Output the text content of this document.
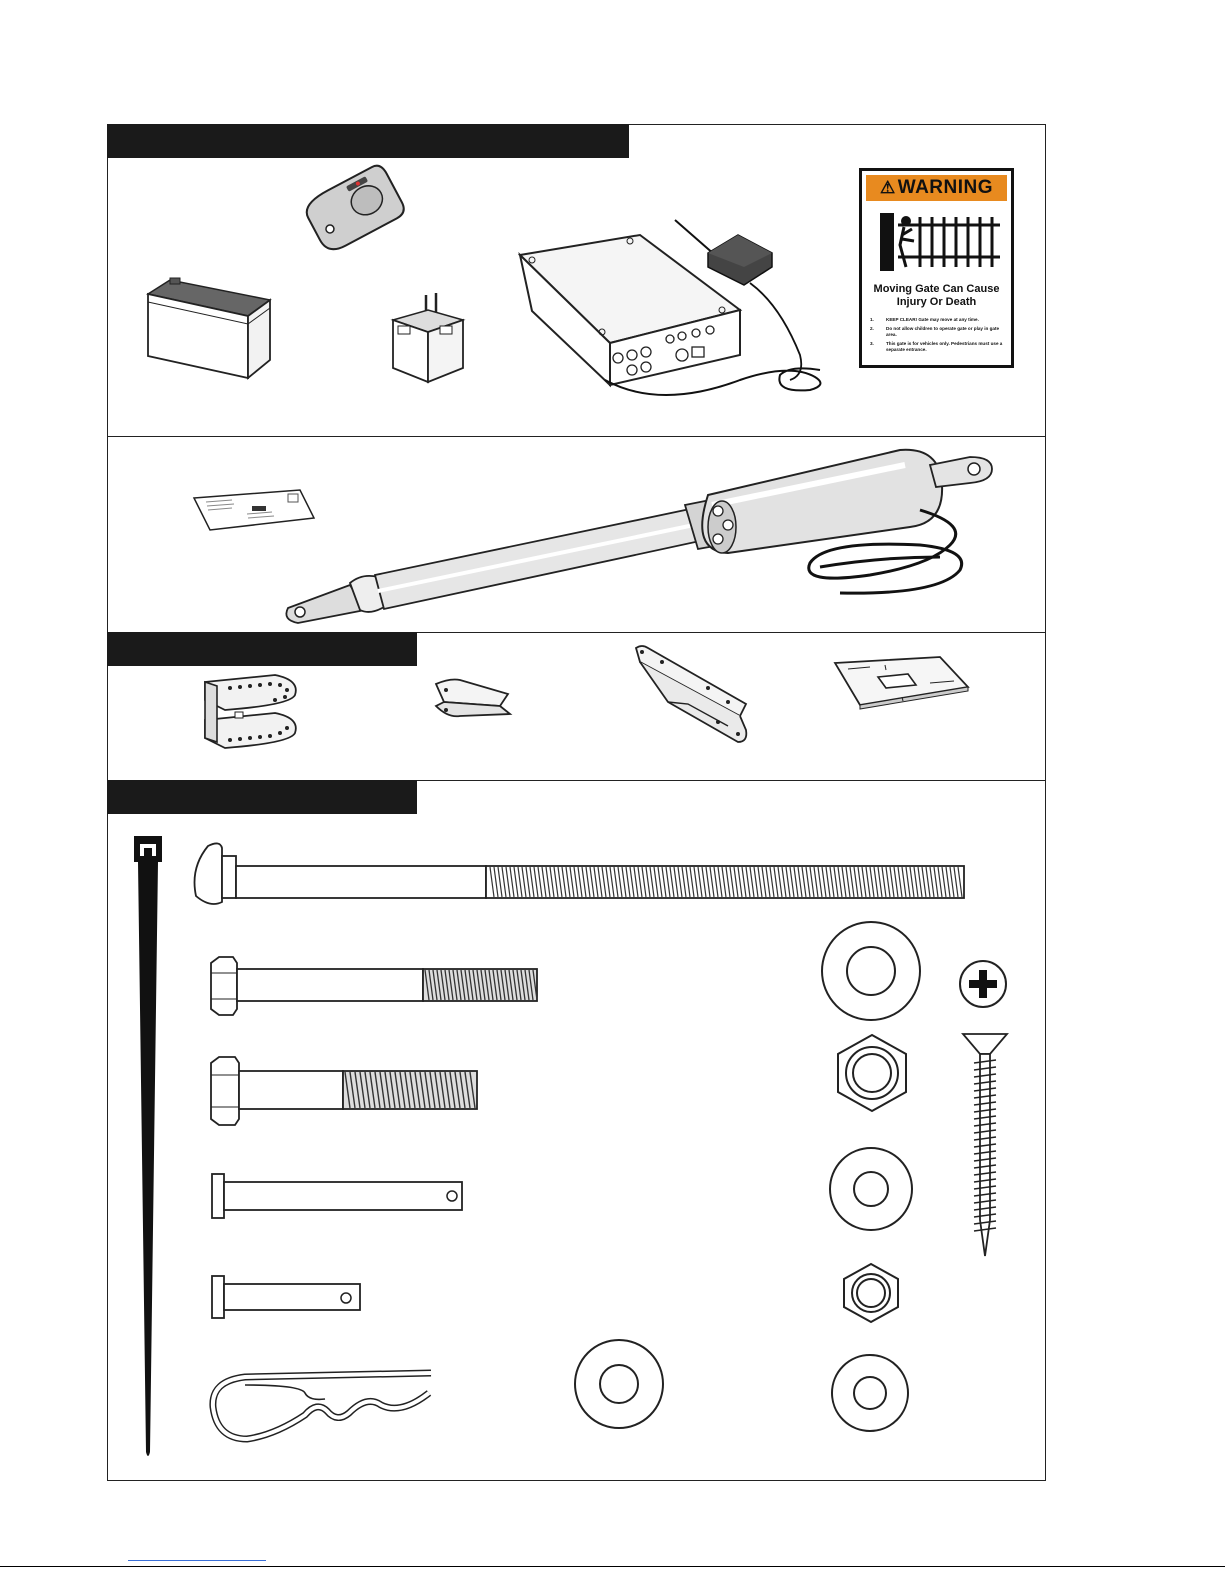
⚠ WARNING
Moving Gate Can Cause
Injury Or Death
1.	KEEP CLEAR! Gate may move at any time.
2.	Do not allow children to operate gate or play in gate area.
3.	This gate is for vehicles only. Pedestrians must use a separate entrance.
